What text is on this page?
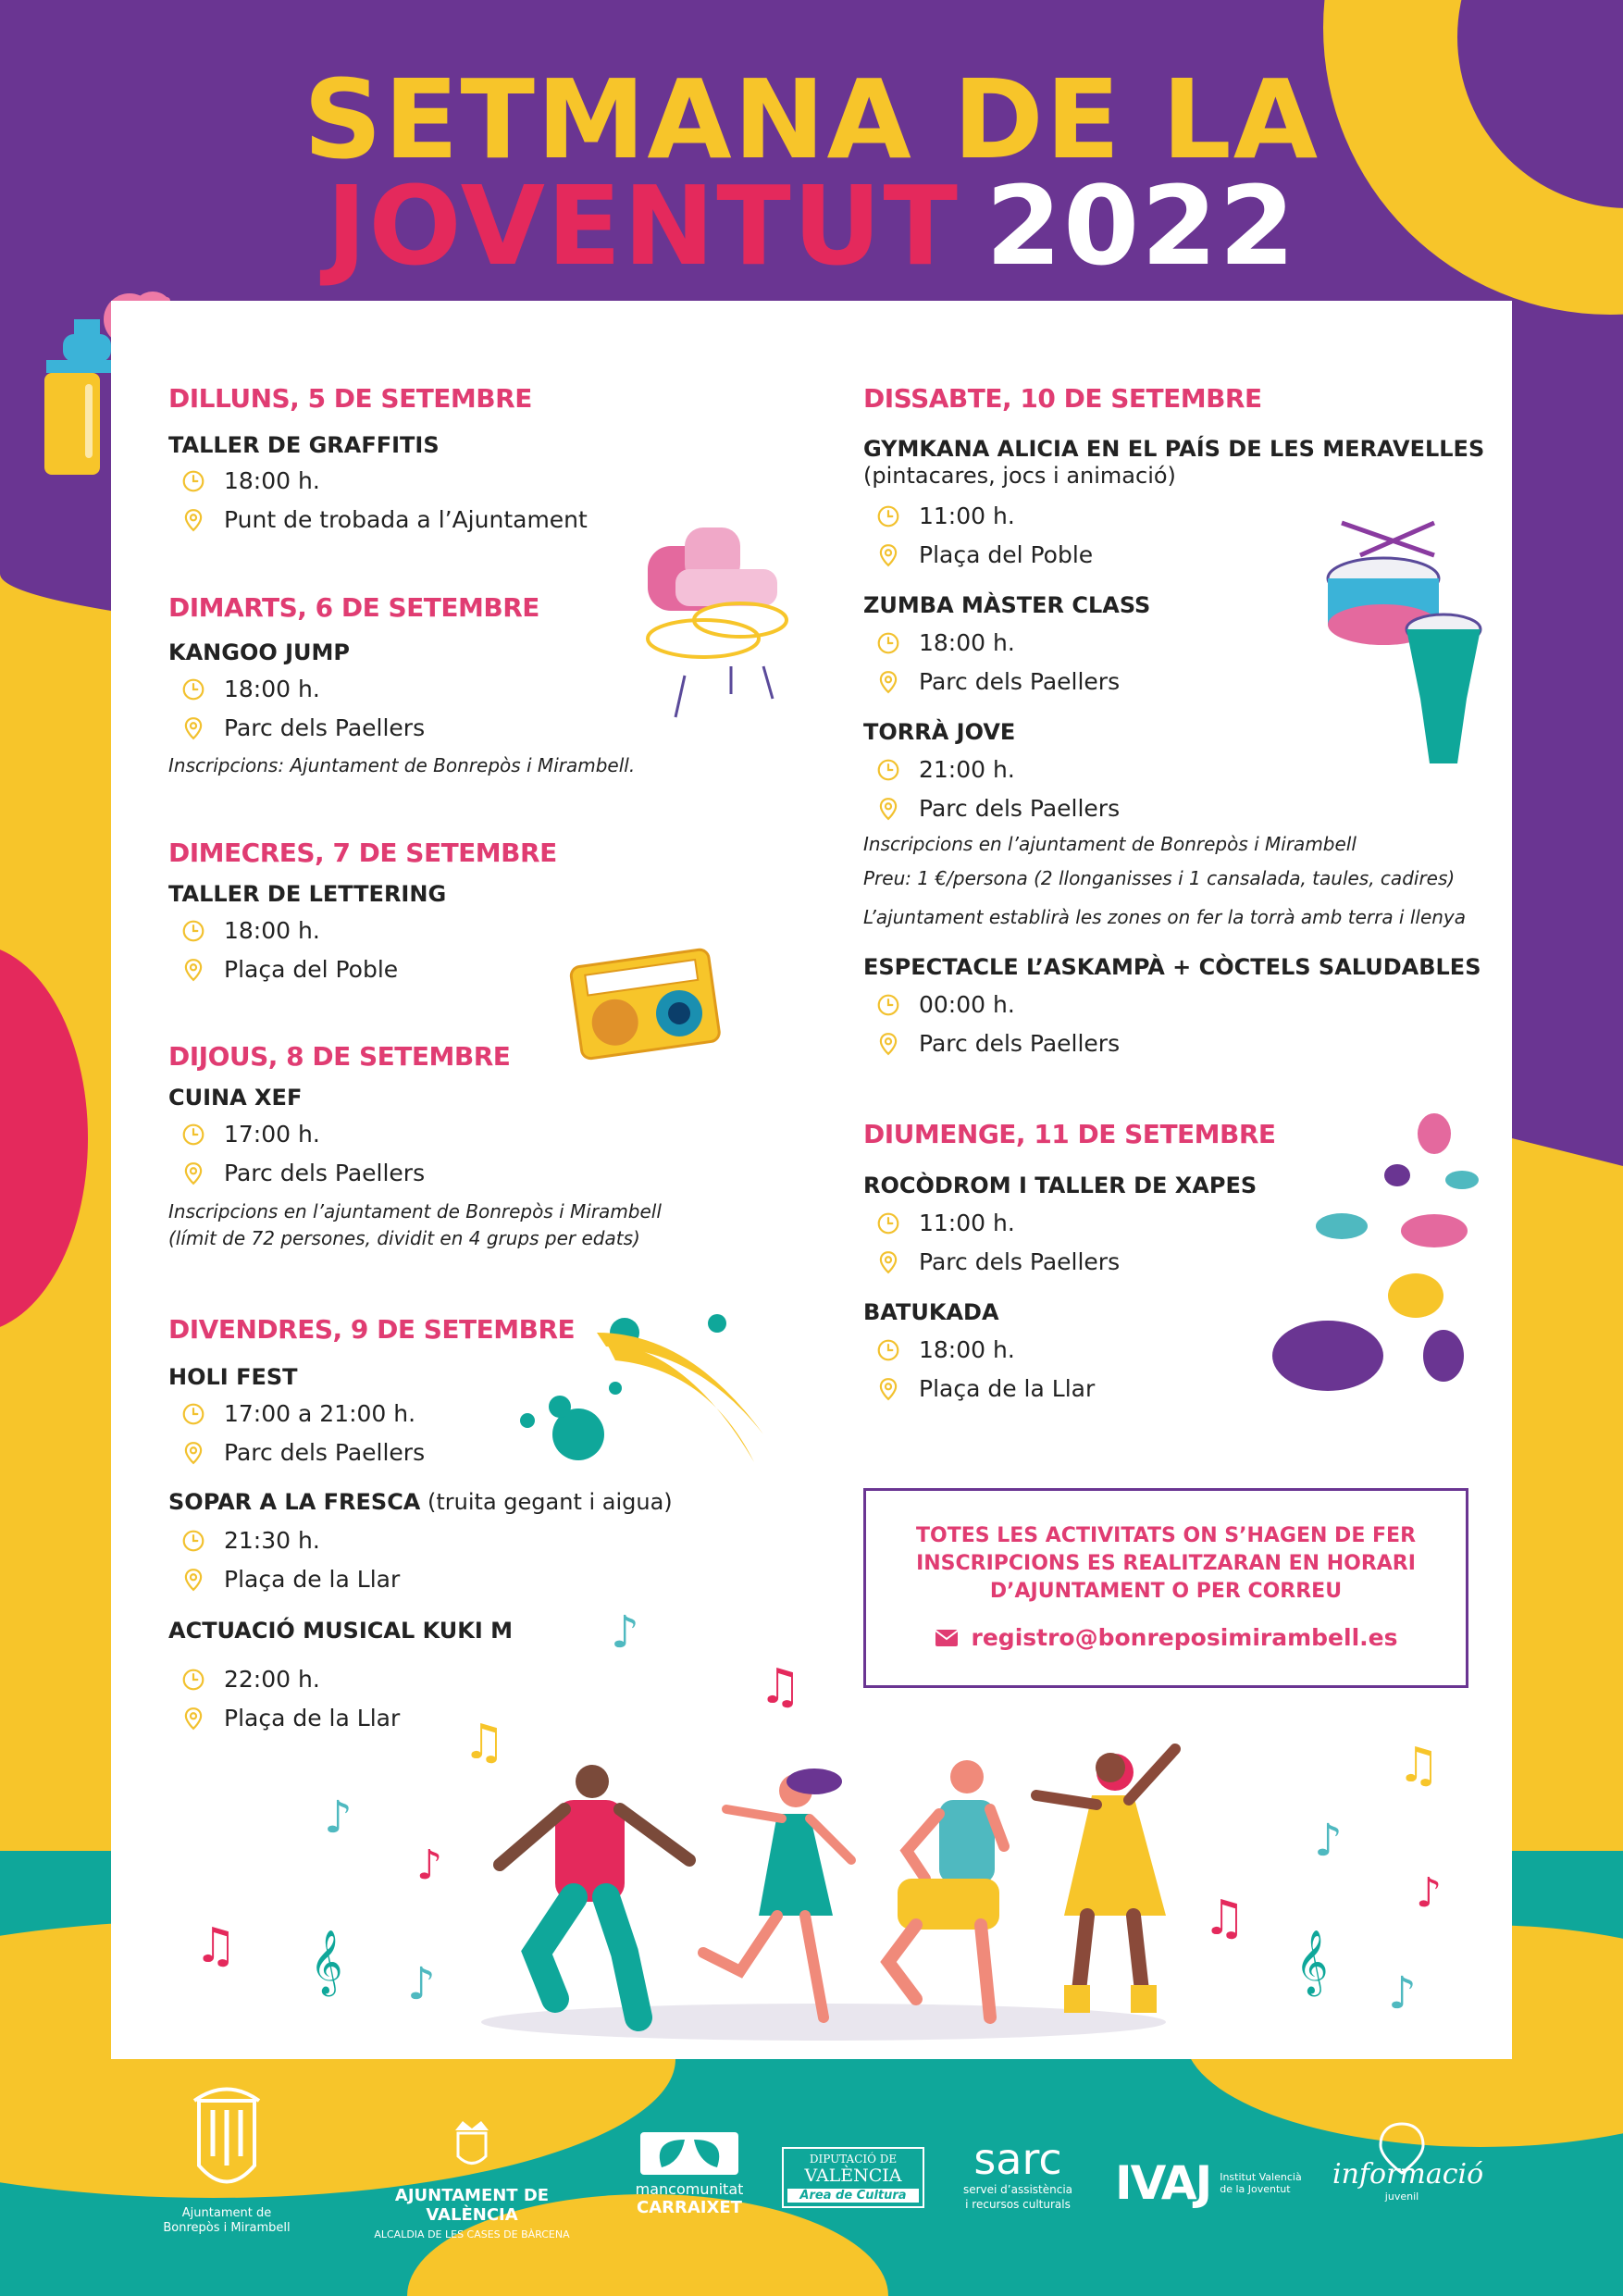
SETMANA DE LA
JOVENTUT 2022
♪
♪
♪
♪
♪
♫
♫	♫
♪
♪
♫	♫
𝄞	𝄞
DILLUNS, 5 DE SETEMBRE
TALLER DE GRAFFITIS
18:00 h.
Punt de trobada a l’Ajuntament
DIMARTS, 6 DE SETEMBRE
KANGOO JUMP
18:00 h.
Parc dels Paellers
Inscripcions: Ajuntament de Bonrepòs i Mirambell.
DIMECRES, 7 DE SETEMBRE
TALLER DE LETTERING
18:00 h.
Plaça del Poble
DIJOUS, 8 DE SETEMBRE
CUINA XEF
17:00 h.
Parc dels Paellers
Inscripcions en l’ajuntament de Bonrepòs i Mirambell
(límit de 72 persones, dividit en 4 grups per edats)
DIVENDRES, 9 DE SETEMBRE
HOLI FEST
17:00 a 21:00 h.
Parc dels Paellers
SOPAR A LA FRESCA (truita gegant i aigua)
21:30 h.
Plaça de la Llar
ACTUACIÓ MUSICAL KUKI M
22:00 h.
Plaça de la Llar
DISSABTE, 10 DE SETEMBRE
GYMKANA ALICIA EN EL PAÍS DE LES MERAVELLES
(pintacares, jocs i animació)
11:00 h.
Plaça del Poble
ZUMBA MÀSTER CLASS
18:00 h.
Parc dels Paellers
TORRÀ JOVE
21:00 h.
Parc dels Paellers
Inscripcions en l’ajuntament de Bonrepòs i Mirambell
Preu: 1 €/persona (2 llonganisses i 1 cansalada, taules, cadires)
L’ajuntament establirà les zones on fer la torrà amb terra i llenya
ESPECTACLE L’ASKAMPÀ + CÒCTELS SALUDABLES
00:00 h.
Parc dels Paellers
DIUMENGE, 11 DE SETEMBRE
ROCÒDROM I TALLER DE XAPES
11:00 h.
Parc dels Paellers
BATUKADA
18:00 h.
Plaça de la Llar
TOTES LES ACTIVITATS ON S’HAGEN DE FER INSCRIPCIONS ES REALITZARAN EN HORARI D’AJUNTAMENT O PER CORREU
registro@bonreposimirambell.es
Ajuntament de
Bonrepòs i Mirambell
AJUNTAMENT DE VALÈNCIA
ALCALDIA DE LES CASES DE BÀRCENA
mancomunitat
CARRAIXET
DIPUTACIÓ DE
VALÈNCIA
Àrea de Cultura
sarc
servei d’assistència
i recursos culturals IVAJ Institut Valencià
de la Joventut	informació
juvenil
